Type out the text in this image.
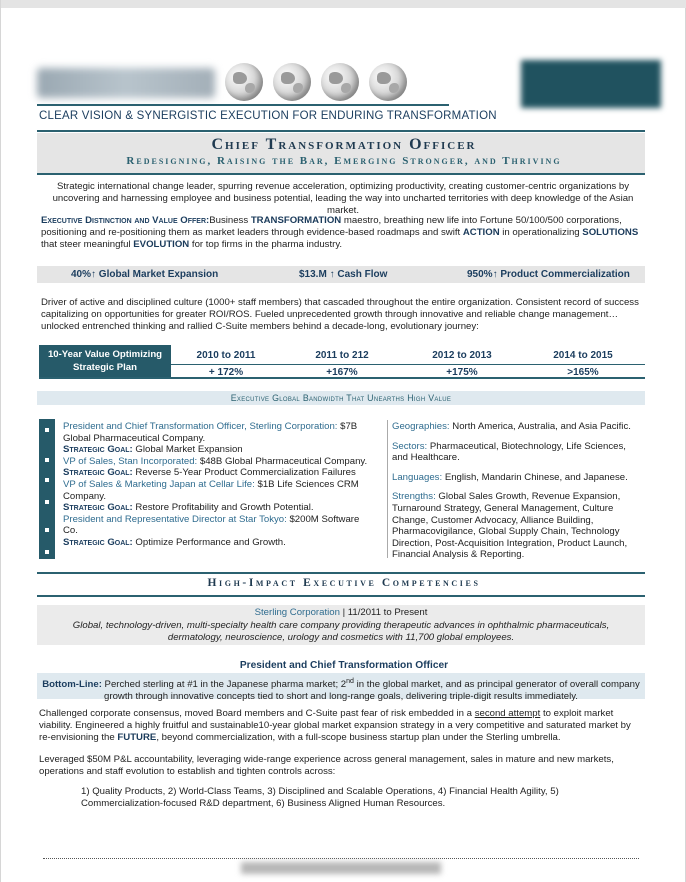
CLEAR VISION & SYNERGISTIC EXECUTION FOR ENDURING TRANSFORMATION
Chief Transformation Officer
Redesigning, Raising the Bar, Emerging Stronger, and Thriving
Strategic international change leader, spurring revenue acceleration, optimizing productivity, creating customer-centric organizations by uncovering and harnessing employee and business potential, leading the way into uncharted territories with deep knowledge of the Asian market.
Executive Distinction and Value Offer:Business TRANSFORMATION maestro, breathing new life into Fortune 50/100/500 corporations, positioning and re-positioning them as market leaders through evidence-based roadmaps and swift ACTION in operationalizing SOLUTIONS that steer meaningful EVOLUTION for top firms in the pharma industry.
40%↑ Global Market Expansion	$13.M ↑ Cash Flow	950%↑ Product Commercialization
Driver of active and disciplined culture (1000+ staff members) that cascaded throughout the entire organization. Consistent record of success capitalizing on opportunities for greater ROI/ROS. Fueled unprecedented growth through innovative and reliable change management…unlocked entrenched thinking and rallied C-Suite members behind a decade-long, evolutionary journey:
10-Year Value Optimizing Strategic Plan
2010 to 2011
+ 172%
2011 to 212
+167%
2012 to 2013
+175%
2014 to 2015
>165%
Executive Global Bandwidth That Unearths High Value
President and Chief Transformation Officer, Sterling Corporation: $7B Global Pharmaceutical Company.
Strategic Goal: Global Market Expansion
VP of Sales, Stan Incorporated: $48B Global Pharmaceutical Company.
Strategic Goal: Reverse 5-Year Product Commercialization Failures
VP of Sales & Marketing Japan at Cellar Life: $1B Life Sciences CRM Company.
Strategic Goal: Restore Profitability and Growth Potential.
President and Representative Director at Star Tokyo: $200M Software Co.
Strategic Goal: Optimize Performance and Growth.

Geographies: North America, Australia, and Asia Pacific.

Sectors: Pharmaceutical, Biotechnology, Life Sciences, and Healthcare.

Languages: English, Mandarin Chinese, and Japanese.

Strengths: Global Sales Growth, Revenue Expansion, Turnaround Strategy, General Management, Culture Change, Customer Advocacy, Alliance Building, Pharmacovigilance, Global Supply Chain, Technology Direction, Post-Acquisition Integration, Product Launch, Financial Analysis & Reporting.

High-Impact Executive Competencies
Sterling Corporation | 11/2011 to Present
Global, technology-driven, multi-specialty health care company providing therapeutic advances in ophthalmic pharmaceuticals, dermatology, neuroscience, urology and cosmetics with 11,700 global employees.
President and Chief Transformation Officer
Bottom-Line: Perched sterling at #1 in the Japanese pharma market; 2nd in the global market, and as principal generator of overall company growth through innovative concepts tied to short and long-range goals, delivering triple-digit results immediately.
Challenged corporate consensus, moved Board members and C-Suite past fear of risk embedded in a second attempt to exploit market viability. Engineered a highly fruitful and sustainable10-year global market expansion strategy in a very competitive and saturated market by re-envisioning the FUTURE, beyond commercialization, with a full-scope business startup plan under the Sterling umbrella.
Leveraged $50M P&L accountability, leveraging wide-range experience across general management, sales in mature and new markets, operations and staff evolution to establish and tighten controls across:
1) Quality Products, 2) World-Class Teams, 3) Disciplined and Scalable Operations, 4) Financial Health Agility, 5) Commercialization-focused R&D department, 6) Business Aligned Human Resources.
